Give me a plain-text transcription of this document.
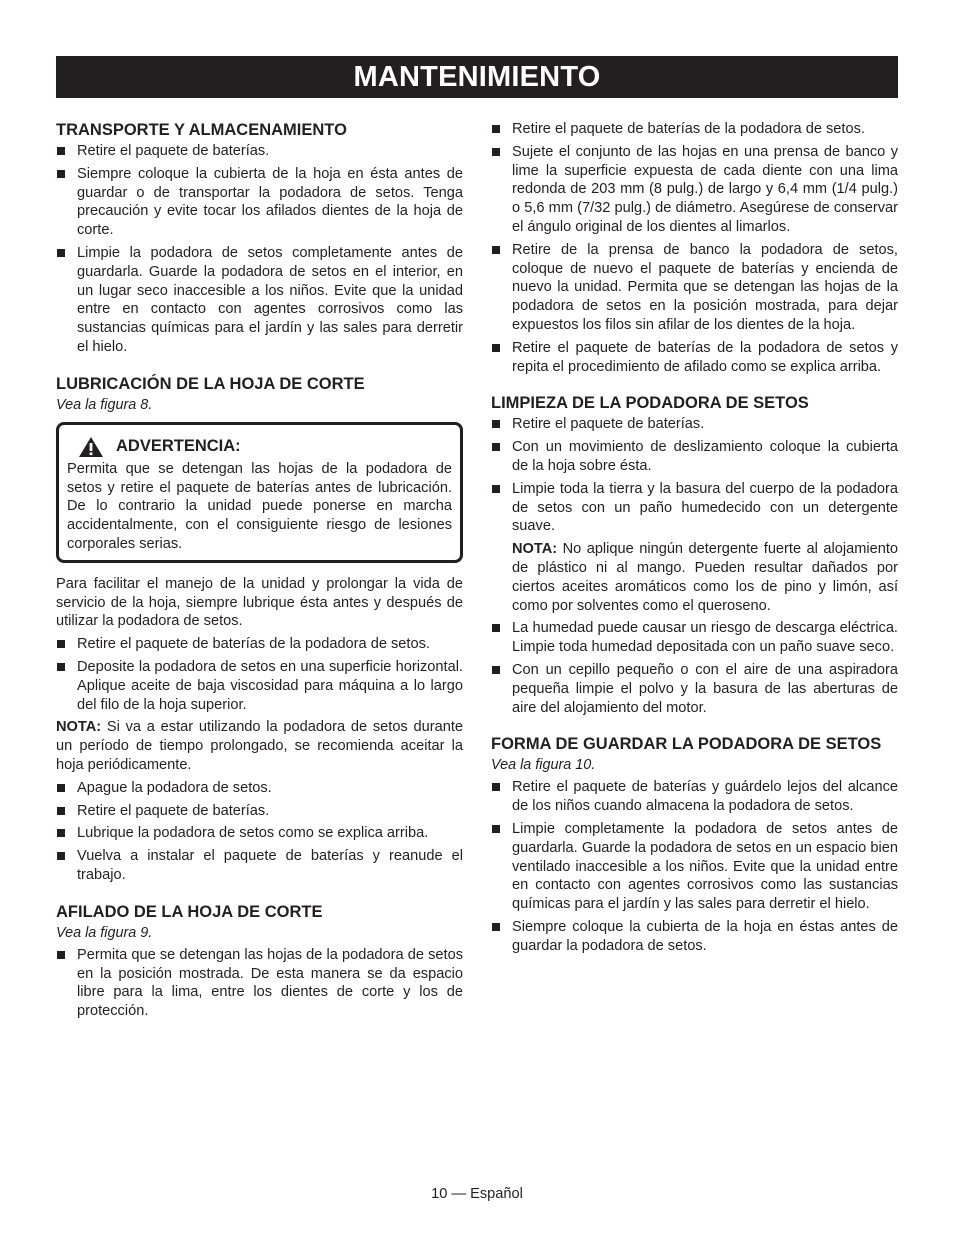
MANTENIMIENTO
TRANSPORTE Y ALMACENAMIENTO
Retire el paquete de baterías.
Siempre coloque la cubierta de la hoja en ésta antes de guardar o de transportar la podadora de setos. Tenga precaución y evite tocar los afilados dientes de la hoja de corte.
Limpie la podadora de setos completamente antes de guardarla. Guarde la podadora de setos en el interior, en un lugar seco inaccesible a los niños. Evite que la unidad entre en contacto con agentes corrosivos como las sustancias químicas para el jardín y las sales para derretir el hielo.
LUBRICACIÓN DE LA HOJA DE CORTE
Vea la figura 8.
ADVERTENCIA:
Permita que se detengan las hojas de la podadora de setos y retire el paquete de baterías antes de lubricación. De lo contrario la unidad puede ponerse en marcha accidentalmente, con el consiguiente riesgo de lesiones corporales serias.

Para facilitar el manejo de la unidad y prolongar la vida de servicio de la hoja, siempre lubrique ésta antes y después de utilizar la podadora de setos.

Retire el paquete de baterías de la podadora de setos.
Deposite la podadora de setos en una superficie horizontal. Aplique aceite de baja viscosidad para máquina a lo largo del filo de la hoja superior.

NOTA: Si va a estar utilizando la podadora de setos durante un período de tiempo prolongado, se recomienda aceitar la hoja periódicamente.

Apague la podadora de setos.
Retire el paquete de baterías.
Lubrique la podadora de setos como se explica arriba.
Vuelva a instalar el paquete de baterías y reanude el trabajo.
AFILADO DE LA HOJA DE CORTE
Vea la figura 9.
Permita que se detengan las hojas de la podadora de setos en la posición mostrada. De esta manera se da espacio libre para la lima, entre los dientes de corte y los de protección.
Retire el paquete de baterías de la podadora de setos.
Sujete el conjunto de las hojas en una prensa de banco y lime la superficie expuesta de cada diente con una lima redonda de 203 mm (8 pulg.) de largo y 6,4 mm (1/4 pulg.) o 5,6 mm (7/32 pulg.) de diámetro. Asegúrese de conservar el ángulo original de los dientes al limarlos.
Retire de la prensa de banco la podadora de setos, coloque de nuevo el paquete de baterías y encienda de nuevo la unidad. Permita que se detengan las hojas de la podadora de setos en la posición mostrada, para dejar expuestos los filos sin afilar de los dientes de la hoja.
Retire el paquete de baterías de la podadora de setos y repita el procedimiento de afilado como se explica arriba.
LIMPIEZA DE LA PODADORA DE SETOS
Retire el paquete de baterías.
Con un movimiento de deslizamiento coloque la cubierta de la hoja sobre ésta.
Limpie toda la tierra y la basura del cuerpo de la podadora de setos con un paño humedecido con un detergente suave.

NOTA: No aplique ningún detergente fuerte al alojamiento de plástico ni al mango. Pueden resultar dañados por ciertos aceites aromáticos como los de pino y limón, así como por solventes como el queroseno.

La humedad puede causar un riesgo de descarga eléctrica. Limpie toda humedad depositada con un paño suave seco.
Con un cepillo pequeño o con el aire de una aspiradora pequeña limpie el polvo y la basura de las aberturas de aire del alojamiento del motor.
FORMA DE GUARDAR LA PODADORA DE SETOS
Vea la figura 10.
Retire el paquete de baterías y guárdelo lejos del alcance de los niños cuando almacena la podadora de setos.
Limpie completamente la podadora de setos antes de guardarla. Guarde la podadora de setos en un espacio bien ventilado inaccesible a los niños. Evite que la unidad entre en contacto con agentes corrosivos como las sustancias químicas para el jardín y las sales para derretir el hielo.
Siempre coloque la cubierta de la hoja en éstas antes de guardar la podadora de setos.
10 — Español
